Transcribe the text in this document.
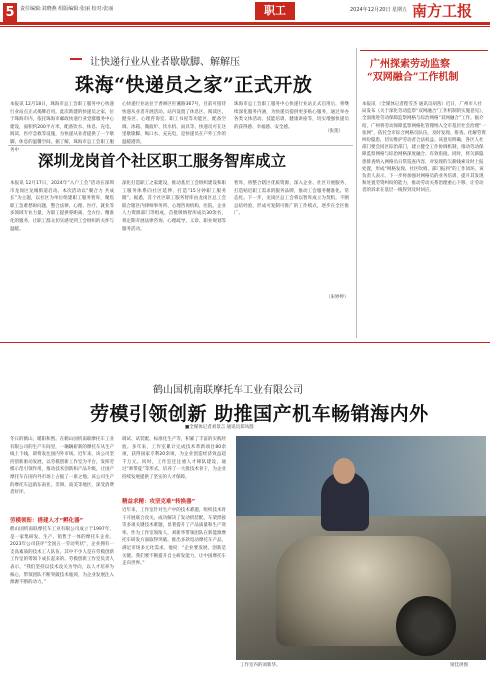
5	责任编辑:刘晓燕 组版编辑:张丽 校对:张丽	职工	2024年12月20日 星期五 南方工报
让快递行业从业者歇歇脚、解解压
珠海“快递员之家”正式开放
本报讯 12月18日，珠海市总工会职工服务中心快递行业站点正式揭牌启用。此次新建的快递员之家，位于珠海市内，依托珠海市邮政快递行业党群服务中心建设，面积约200平方米，配备饮水、休息、充电、阅读、医疗急救等设施，为快递从业者提供了一个歇脚、休息的温馨空间。据了解，珠海市总工会职工服务中
心快递行业站位于香洲区柠溪路367号，目前可接待快递从业者开展活动。站内设置了休息区、阅读区、健身区、心理咨询室、职工书屋等功能区，配备空调、冰箱、微波炉、饮水机、雨具等，快递员可在这里歇歇脚、喝口水、充充电，是快递员在户外工作的温暖港湾。
珠海市总工会职工服务中心快递行业站正式启用后，将继续深化服务内涵，为快递员提供更多贴心服务，通过举办各类文体活动、技能培训、健康讲座等，切实增强快递员的获得感、幸福感、安全感。
（张莲）
广州探索劳动监察
“双网融合”工作机制
本报讯 （全媒体记者程雪杰 通讯员胡茜）近日，广州市人社局发布《关于深化劳动监察“双网融合”工作机制的实施意见》，全面推进劳动保障监察网格与综治网格“双网融合”工作。据介绍，广州将劳动保障监察网格化管理纳入全市基层社会治理“一张网”，依托全市综合网格员队伍，及时发现、排查、化解劳资纠纷隐患，切实维护劳动者合法权益。该意见明确，各区人社部门要会同区综治部门，建立健全工作协调机制，推动劳动保障监察网格与综治网格深度融合、有效衔接。同时，将欠薪隐患排查纳入网格员日常巡查内容，对发现的欠薪线索及时上报处置，形成“网格发现、社区吹哨、部门报到”的工作闭环。该负责人表示，下一步将加强对网格员的业务培训，提升其发现和处置劳资纠纷的能力，推动劳动关系治理重心下移，让劳动者的诉求在基层一线得到及时回应。
深圳龙岗首个社区职工服务智库成立
本报讯 12月17日，2024年“入户工会”活动在深圳市龙岗区龙城街道启动。本次活动以“聚合力 共成长”为主题，以社区为单位组建职工服务智库，聚焦职工急难愁盼问题，整合法律、心理、医疗、就业等多领域专业力量，为职工提供零距离、全方位、精准化的服务，让职工群众切实感受到工会组织的关怀与温暖。
深化打造职工之家建设，推动基层工会组织建设和职工服务体系向社区延伸，打造“15分钟职工服务圈”。据悉，首个社区职工服务智库由龙岗区总工会联合辖区内律师事务所、心理咨询机构、医院、企业人力资源部门等组成，首批吸纳智库成员30余名，将定期开展法律咨询、心理疏导、义诊、职业规划等服务活动。
智库，将整合辖区优质资源，深入企业、社区开展服务，打造贴近职工需求的服务品牌，推动工会服务精准化、常态化。下一步，龙岗区总工会将以智库成立为契机，不断总结经验，形成可复制可推广的工作模式，逐步在全区推广。
（朱婷婷）
鹤山国机南联摩托车工业有限公司
劳模引领创新 助推国产机车畅销海内外
■全媒体记者刘景言 通讯员郑凤群
冬日的鹤山，暖阳和煦。在鹤山国机南联摩托车工业有限公司的生产车间里，一辆辆崭新的摩托车从生产线上下线，即将发往国内外市场。近年来，该公司坚持创新驱动发展，以劳模创新工作室为平台，发挥劳模示范引领作用，推动技术创新和产品升级，让国产摩托车在国内外市场上占据了一席之地。该公司生产的摩托车远销东南亚、非洲、南美等地区，深受消费者好评。
劳模领衔：搭建人才“孵化器”
鹤山国机南联摩托车工业有限公司成立于1997年，是一家集研发、生产、销售于一体的摩托车企业。2023年公司获评“全国五一劳动奖状”，企业拥有一支高素质的技术工人队伍，其中不少人是在劳模创新工作室的带领下成长起来的。劳模创新工作室负责人表示，“我们坚持以技术攻关为导向，以人才培养为核心，带领团队不断突破技术瓶颈，为企业发展注入源源不断的动力。”
调试、试装配、标准化生产等，积累了丰富的实践经验。多年来，工作室累计完成技术革新项目80余项，获得国家专利20余项，为企业创造经济效益超千万元。同时，工作室还注重人才梯队建设，通过“师带徒”等形式，培养了一大批技术骨干，为企业持续发展提供了坚实的人才保障。
精益求精：攻坚克难“转换器”
近年来，工作室针对生产中的技术难题，组织技术骨干开展联合攻关，成功解决了发动机装配、车架焊接等多项关键技术难题，显著提升了产品质量和生产效率。作为工作室领衔人，刘新华带领团队在新能源摩托车研发方面取得突破，推出多款电动摩托车产品，满足市场多元化需求。他说：“企业要发展，创新是关键。我们要不断提升自主研发能力，让中国摩托车走向世界。”
工作室内的刘新华。	梁佳供图
